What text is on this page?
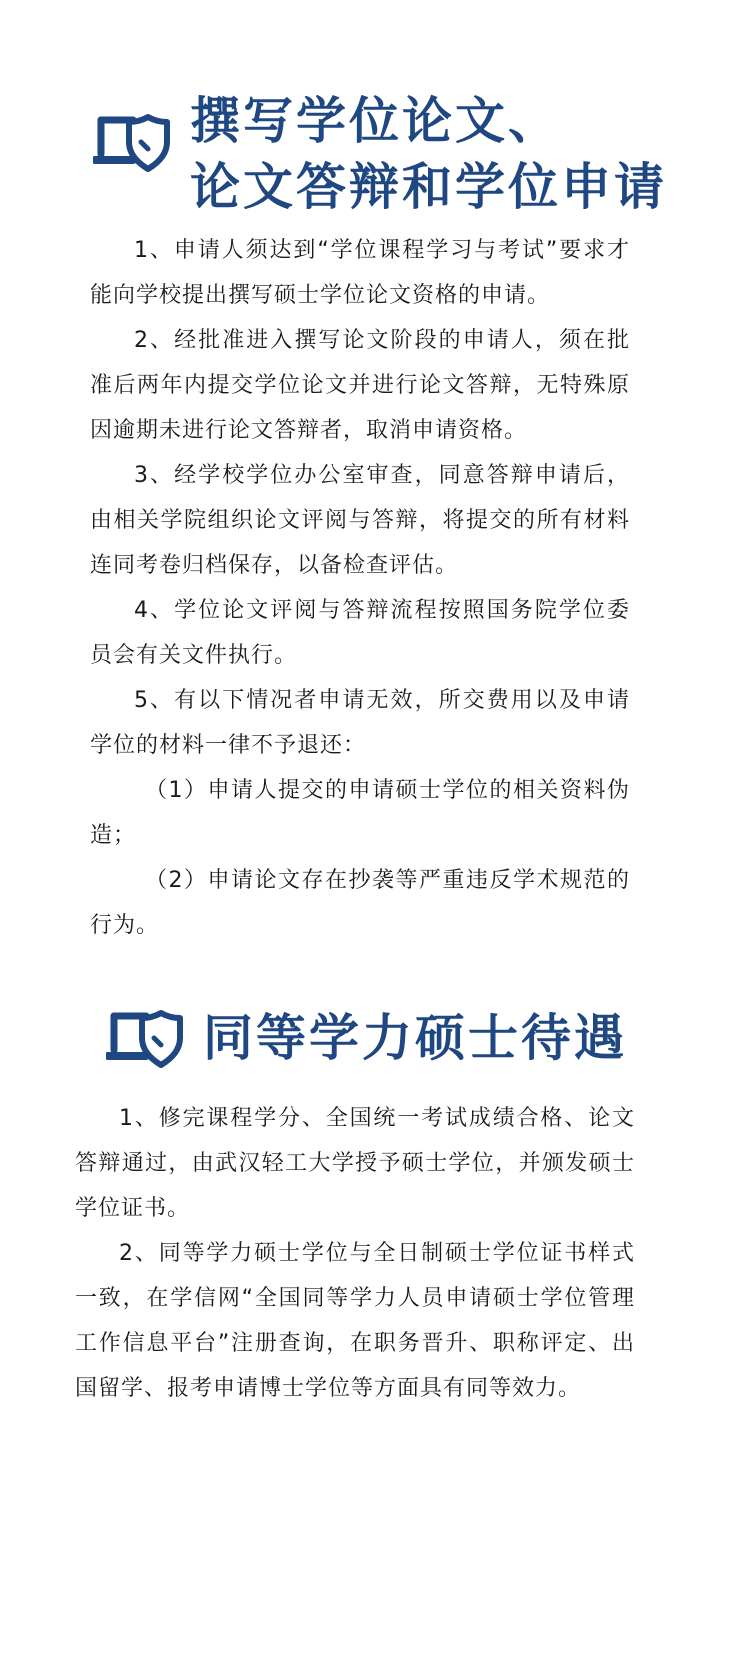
撰写学位论文、
论文答辩和学位申请

1、申请人须达到“学位课程学习与考试”要求才能向学校提出撰写硕士学位论文资格的申请。

2、经批准进入撰写论文阶段的申请人，须在批准后两年内提交学位论文并进行论文答辩，无特殊原因逾期未进行论文答辩者，取消申请资格。

3、经学校学位办公室审查，同意答辩申请后，由相关学院组织论文评阅与答辩，将提交的所有材料连同考卷归档保存，以备检查评估。

4、学位论文评阅与答辩流程按照国务院学位委员会有关文件执行。

5、有以下情况者申请无效，所交费用以及申请学位的材料一律不予退还：

（1）申请人提交的申请硕士学位的相关资料伪造；

（2）申请论文存在抄袭等严重违反学术规范的行为。

同等学力硕士待遇

1、修完课程学分、全国统一考试成绩合格、论文答辩通过，由武汉轻工大学授予硕士学位，并颁发硕士学位证书。

2、同等学力硕士学位与全日制硕士学位证书样式一致，在学信网“全国同等学力人员申请硕士学位管理工作信息平台”注册查询，在职务晋升、职称评定、出国留学、报考申请博士学位等方面具有同等效力。
